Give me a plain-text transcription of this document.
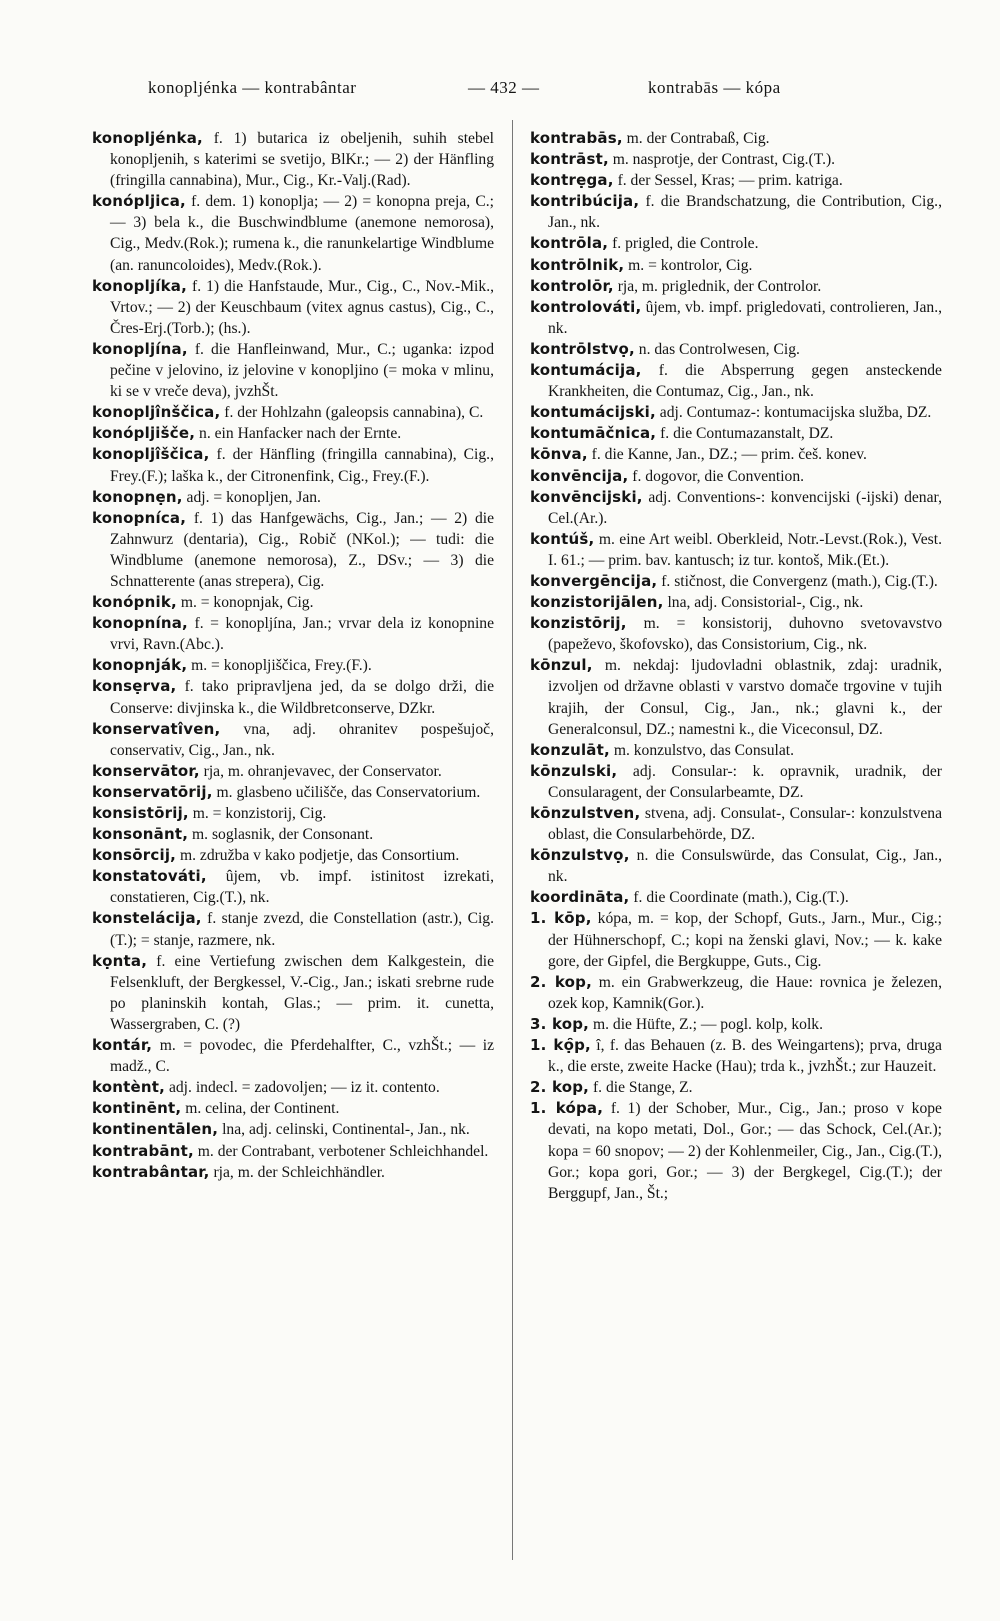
konopljénka — kontrabântar	— 432 —	kontrabās — kópa
konopljénka, f. 1) butarica iz obeljenih, suhih stebel konopljenih, s katerimi se svetijo, BlKr.; — 2) der Hänfling (fringilla cannabina), Mur., Cig., Kr.-Valj.(Rad).
konópljica, f. dem. 1) konoplja; — 2) = konopna preja, C.; — 3) bela k., die Buschwindblume (anemone nemorosa), Cig., Medv.(Rok.); rumena k., die ranunkelartige Windblume (an. ranuncoloides), Medv.(Rok.).
konopljíka, f. 1) die Hanfstaude, Mur., Cig., C., Nov.-Mik., Vrtov.; — 2) der Keuschbaum (vitex agnus castus), Cig., C., Čres-Erj.(Torb.); (hs.).
konopljína, f. die Hanfleinwand, Mur., C.; uganka: izpod pečine v jelovino, iz jelovine v konopljino (= moka v mlinu, ki se v vreče deva), jvzhŠt.
konopljînščica, f. der Hohlzahn (galeopsis cannabina), C.
konópljišče, n. ein Hanfacker nach der Ernte.
konopljîščica, f. der Hänfling (fringilla cannabina), Cig., Frey.(F.); laška k., der Citronenfink, Cig., Frey.(F.).
konopnẹn, adj. = konopljen, Jan.
konopníca, f. 1) das Hanfgewächs, Cig., Jan.; — 2) die Zahnwurz (dentaria), Cig., Robič (NKol.); — tudi: die Windblume (anemone nemorosa), Z., DSv.; — 3) die Schnatterente (anas strepera), Cig.
konópnik, m. = konopnjak, Cig.
konopnína, f. = konopljína, Jan.; vrvar dela iz konopnine vrvi, Ravn.(Abc.).
konopnják, m. = konopljiščica, Frey.(F.).
konsẹrva, f. tako pripravljena jed, da se dolgo drži, die Conserve: divjinska k., die Wildbretconserve, DZkr.
konservatîven, vna, adj. ohranitev pospešujoč, conservativ, Cig., Jan., nk.
konservātor, rja, m. ohranjevavec, der Conservator.
konservatōrij, m. glasbeno učilišče, das Conservatorium.
konsistōrij, m. = konzistorij, Cig.
konsonānt, m. soglasnik, der Consonant.
konsōrcij, m. združba v kako podjetje, das Consortium.
konstatováti, ûjem, vb. impf. istinitost izrekati, constatieren, Cig.(T.), nk.
konstelácija, f. stanje zvezd, die Constellation (astr.), Cig.(T.); = stanje, razmere, nk.
kọnta, f. eine Vertiefung zwischen dem Kalkgestein, die Felsenkluft, der Bergkessel, V.-Cig., Jan.; iskati srebrne rude po planinskih kontah, Glas.; — prim. it. cunetta, Wassergraben, C. (?)
kontár, m. = povodec, die Pferdehalfter, C., vzhŠt.; — iz madž., C.
kontènt, adj. indecl. = zadovoljen; — iz it. contento.
kontinēnt, m. celina, der Continent.
kontinentālen, lna, adj. celinski, Continental-, Jan., nk.
kontrabānt, m. der Contrabant, verbotener Schleichhandel.
kontrabântar, rja, m. der Schleichhändler.
kontrabās, m. der Contrabaß, Cig.
kontrāst, m. nasprotje, der Contrast, Cig.(T.).
kontrẹga, f. der Sessel, Kras; — prim. katriga.
kontribúcija, f. die Brandschatzung, die Contribution, Cig., Jan., nk.
kontrōla, f. prigled, die Controle.
kontrōlnik, m. = kontrolor, Cig.
kontrolōr, rja, m. priglednik, der Controlor.
kontrolováti, ûjem, vb. impf. prigledovati, controlieren, Jan., nk.
kontrōlstvọ, n. das Controlwesen, Cig.
kontumácija, f. die Absperrung gegen ansteckende Krankheiten, die Contumaz, Cig., Jan., nk.
kontumácijski, adj. Contumaz-: kontumacijska služba, DZ.
kontumāčnica, f. die Contumazanstalt, DZ.
kōnva, f. die Kanne, Jan., DZ.; — prim. češ. konev.
konvēncija, f. dogovor, die Convention.
konvēncijski, adj. Conventions-: konvencijski (-ijski) denar, Cel.(Ar.).
kontúš, m. eine Art weibl. Oberkleid, Notr.-Levst.(Rok.), Vest. I. 61.; — prim. bav. kantusch; iz tur. kontoš, Mik.(Et.).
konvergēncija, f. stičnost, die Convergenz (math.), Cig.(T.).
konzistorijālen, lna, adj. Consistorial-, Cig., nk.
konzistōrij, m. = konsistorij, duhovno svetovavstvo (papeževo, škofovsko), das Consistorium, Cig., nk.
kōnzul, m. nekdaj: ljudovladni oblastnik, zdaj: uradnik, izvoljen od državne oblasti v varstvo domače trgovine v tujih krajih, der Consul, Cig., Jan., nk.; glavni k., der Generalconsul, DZ.; namestni k., die Viceconsul, DZ.
konzulāt, m. konzulstvo, das Consulat.
kōnzulski, adj. Consular-: k. opravnik, uradnik, der Consularagent, der Consularbeamte, DZ.
kōnzulstven, stvena, adj. Consulat-, Consular-: konzulstvena oblast, die Consularbehörde, DZ.
kōnzulstvọ, n. die Consulswürde, das Consulat, Cig., Jan., nk.
koordināta, f. die Coordinate (math.), Cig.(T.).
1. kōp, kópa, m. = kop, der Schopf, Guts., Jarn., Mur., Cig.; der Hühnerschopf, C.; kopi na ženski glavi, Nov.; — k. kake gore, der Gipfel, die Bergkuppe, Guts., Cig.
2. kop, m. ein Grabwerkzeug, die Haue: rovnica je železen, ozek kop, Kamnik(Gor.).
3. kop, m. die Hüfte, Z.; — pogl. kolp, kolk.
1. kọ̑p, î, f. das Behauen (z. B. des Weingartens); prva, druga k., die erste, zweite Hacke (Hau); trda k., jvzhŠt.; zur Hauzeit.
2. kop, f. die Stange, Z.
1. kópa, f. 1) der Schober, Mur., Cig., Jan.; proso v kope devati, na kopo metati, Dol., Gor.; — das Schock, Cel.(Ar.); kopa = 60 snopov; — 2) der Kohlenmeiler, Cig., Jan., Cig.(T.), Gor.; kopa gori, Gor.; — 3) der Bergkegel, Cig.(T.); der Berggupf, Jan., Št.;
